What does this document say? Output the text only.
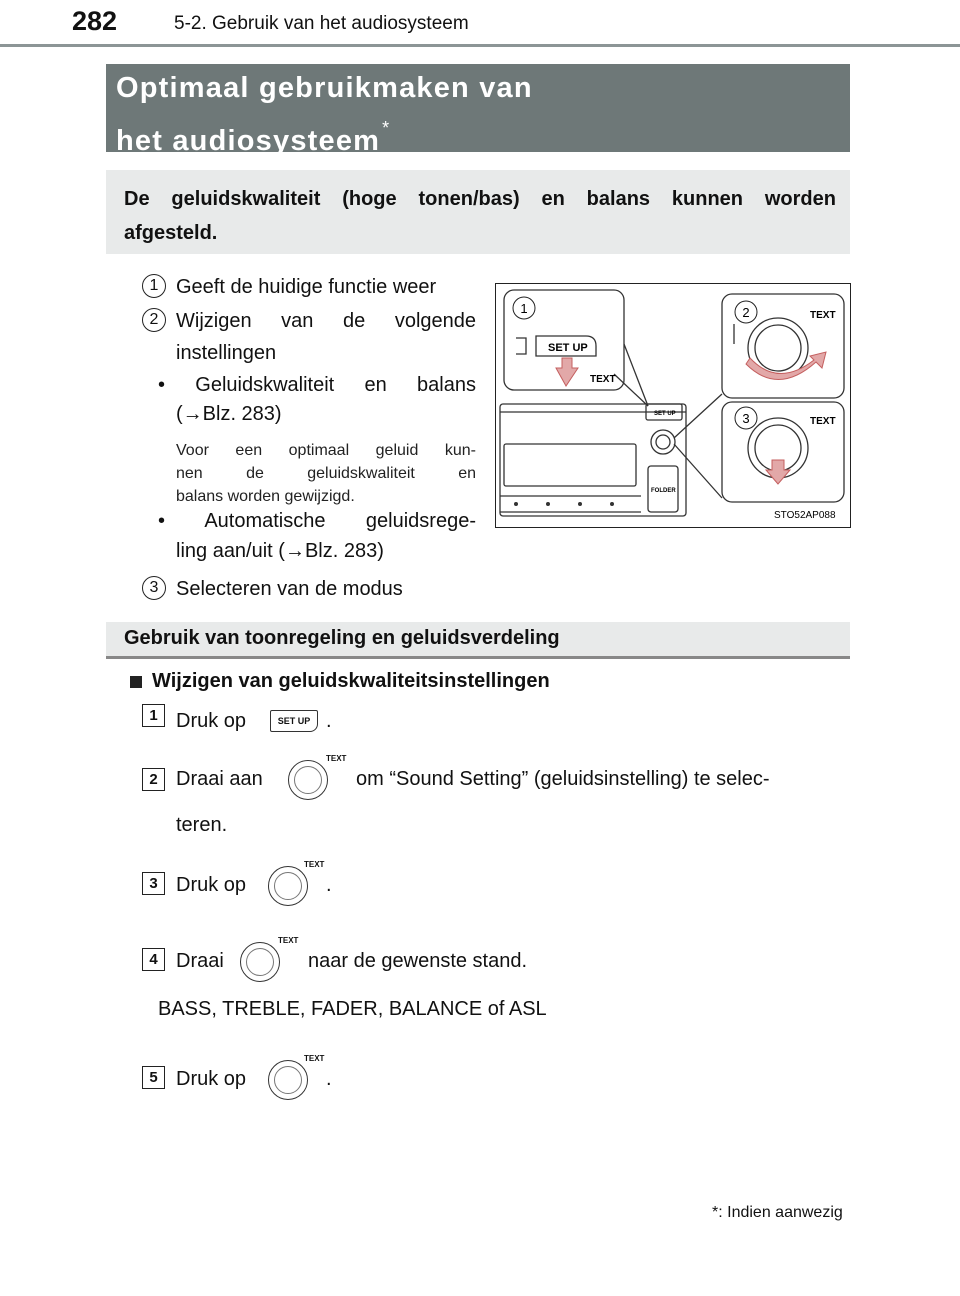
282	5-2. Gebruik van het audiosysteem
Optimaal gebruikmaken van
het audiosysteem *
De geluidskwaliteit (hoge tonen/bas) en balans kunnen worden afgesteld.
1 Geeft de huidige functie weer
2 Wijzigen van de volgende
instellingen
• Geluidskwaliteit en balans
(→Blz. 283)
Voor een optimaal geluid kun-
nen de geluidskwaliteit en
balans worden gewijzigd.
• Automatische geluidsrege-
ling aan/uit (→Blz. 283)
3 Selecteren van de modus
1	2
3
SET UP
SET UP
TEXT
TEXT
TEXT
FOLDER
STO52AP088
Gebruik van toonregeling en geluidsverdeling
Wijzigen van geluidskwaliteitsinstellingen
1 Druk op	SET UP .
2 Draai aan
TEXT
om “Sound Setting” (geluidsinstelling) te selec-
teren.
3 Druk op
TEXT
.
4 Draai
TEXT
naar de gewenste stand.
BASS, TREBLE, FADER, BALANCE of ASL
5 Druk op
TEXT
.
*: Indien aanwezig
